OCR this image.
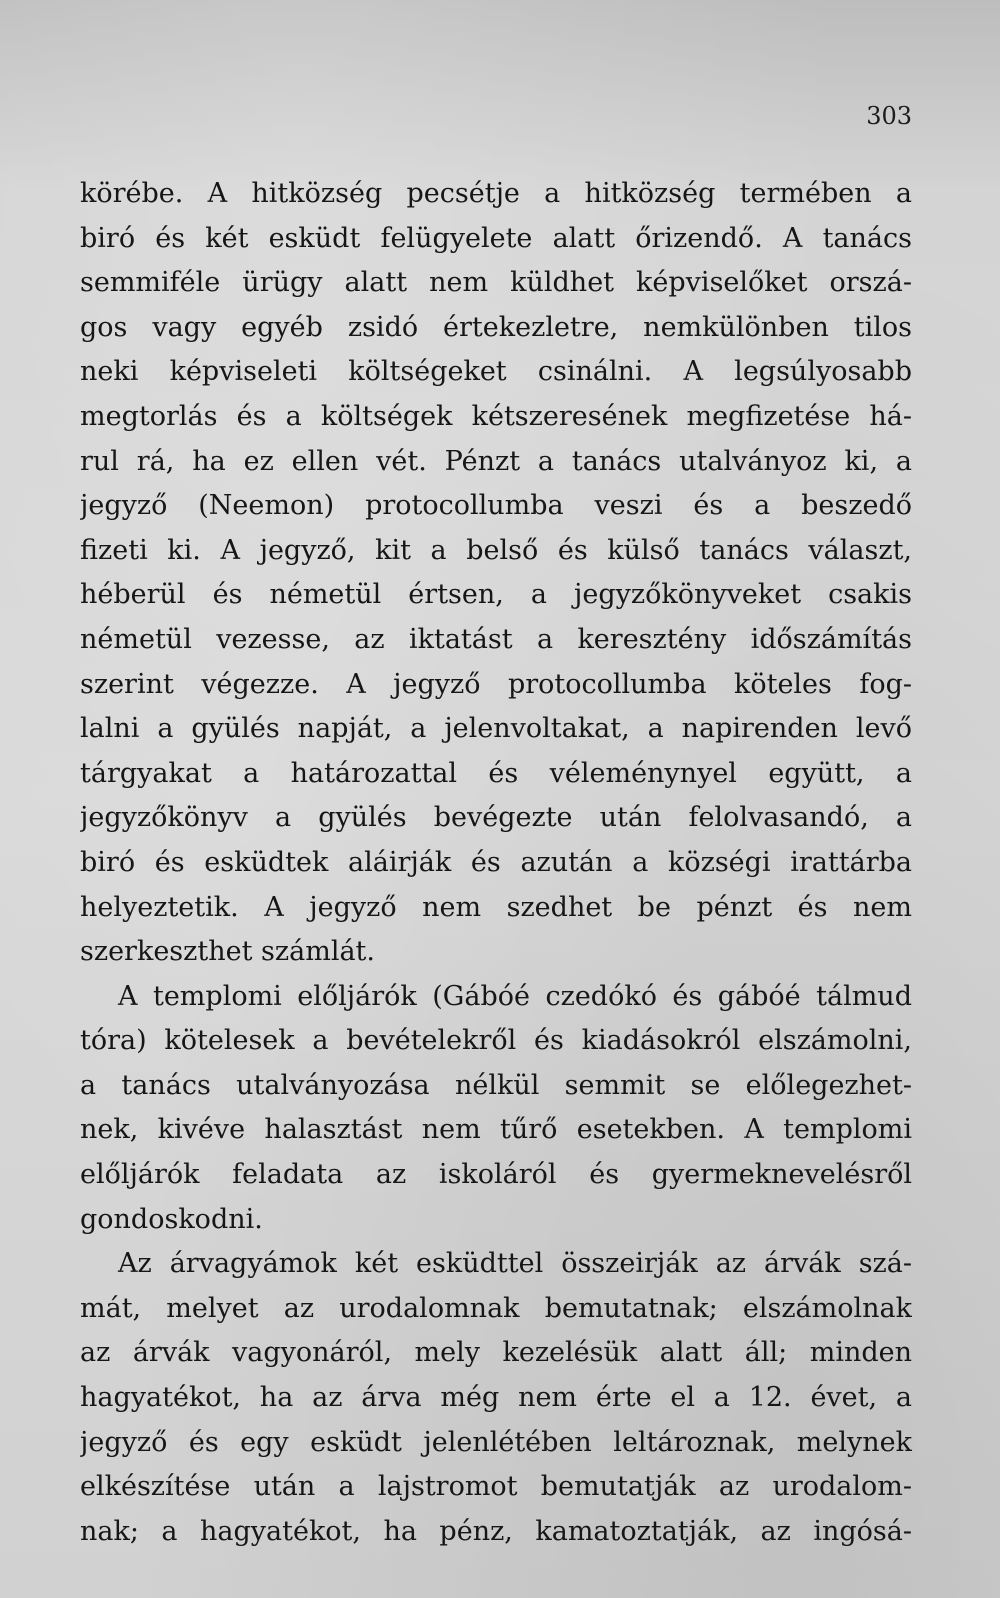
303

körébe. A hitközség pecsétje a hitközség termében a
biró és két esküdt felügyelete alatt őrizendő. A tanács
semmiféle ürügy alatt nem küldhet képviselőket orszá-
gos vagy egyéb zsidó értekezletre, nemkülönben tilos
neki képviseleti költségeket csinálni. A legsúlyosabb
megtorlás és a költségek kétszeresének megfizetése há-
rul rá, ha ez ellen vét. Pénzt a tanács utalványoz ki, a
jegyző (Neemon) protocollumba veszi és a beszedő
fizeti ki. A jegyző, kit a belső és külső tanács választ,
héberül és németül értsen, a jegyzőkönyveket csakis
németül vezesse, az iktatást a keresztény időszámítás
szerint végezze. A jegyző protocollumba köteles fog-
lalni a gyülés napját, a jelenvoltakat, a napirenden levő
tárgyakat a határozattal és véleménynyel együtt, a
jegyzőkönyv a gyülés bevégezte után felolvasandó, a
biró és esküdtek aláirják és azután a községi irattárba
helyeztetik. A jegyző nem szedhet be pénzt és nem
szerkeszthet számlát.

A templomi előljárók (Gábóé czedókó és gábóé tálmud
tóra) kötelesek a bevételekről és kiadásokról elszámolni,
a tanács utalványozása nélkül semmit se előlegezhet-
nek, kivéve halasztást nem tűrő esetekben. A templomi
előljárók feladata az iskoláról és gyermeknevelésről
gondoskodni.

Az árvagyámok két esküdttel összeirják az árvák szá-
mát, melyet az urodalomnak bemutatnak; elszámolnak
az árvák vagyonáról, mely kezelésük alatt áll; minden
hagyatékot, ha az árva még nem érte el a 12. évet, a
jegyző és egy esküdt jelenlétében leltároznak, melynek
elkészítése után a lajstromot bemutatják az urodalom-
nak; a hagyatékot, ha pénz, kamatoztatják, az ingósá-
